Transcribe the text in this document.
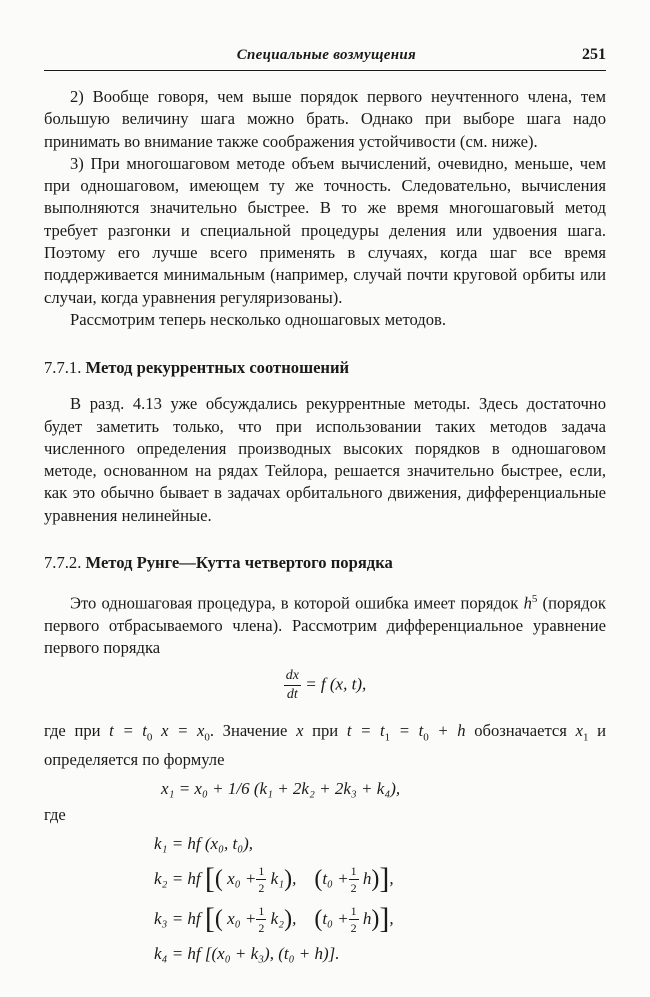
Специальные возмущения	251

2) Вообще говоря, чем выше порядок первого неучтенного члена, тем большую величину шага можно брать. Однако при выборе шага надо принимать во внимание также соображения устойчивости (см. ниже).

3) При многошаговом методе объем вычислений, очевидно, меньше, чем при одношаговом, имеющем ту же точность. Следовательно, вычисления выполняются значительно быстрее. В то же время многошаговый метод требует разгонки и специальной процедуры деления или удвоения шага. Поэтому его лучше всего применять в случаях, когда шаг все время поддерживается минимальным (например, случай почти круговой орбиты или случаи, когда уравнения регуляризованы).

Рассмотрим теперь несколько одношаговых методов.

7.7.1. Метод рекуррентных соотношений

В разд. 4.13 уже обсуждались рекуррентные методы. Здесь достаточно будет заметить только, что при использовании таких методов задача численного определения производных высоких порядков в одношаговом методе, основанном на рядах Тейлора, решается значительно быстрее, если, как это обычно бывает в задачах орбитального движения, дифференциальные уравнения нелинейные.

7.7.2. Метод Рунге—Кутта четвертого порядка

Это одношаговая процедура, в которой ошибка имеет порядок $h^5$ (порядок первого отбрасываемого члена). Рассмотрим дифференциальное уравнение первого порядка

$\frac{dx}{dt} = f$ (x, t),

где при $t = t_0$ $x = x_0$. Значение x при $t = t_1 = t_0 + h$ обозначается $x_1$ и определяется по формуле

x₁ = x₀ + 1/6 (k₁ + 2k₂ + 2k₃ + k₄),
где
k₁ = hf (x₀, t₀),
k₂ = hf
[ (
$x_0 + \frac{1}{2}$
k₁ ) , ( $t_0 + \frac{1}{2}$
h ) ] ,
k₃ = hf
[ (
$x_0 + \frac{1}{2}$
k₂ ) , ( $t_0 + \frac{1}{2}$
h ) ] ,
k₄ = hf [(x₀ + k₃), (t₀ + h)].
